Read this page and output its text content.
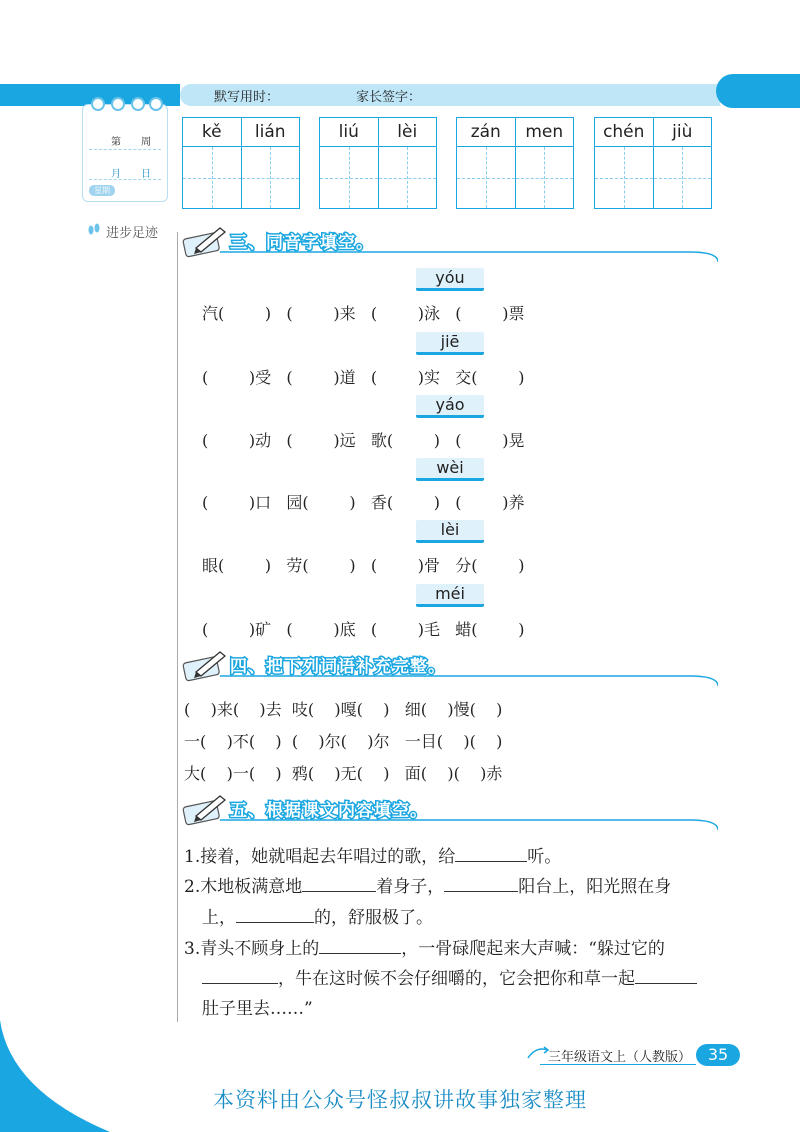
默写用时：	家长签字：
第 周
月 日
星期
进步足迹
kě	lián	liú	lèi	zán	men	chén	jiù
三、同音字填空。
yóu
汽(        )   (        )来   (        )泳   (        )票
jiē
(        )受   (        )道   (        )实   交(        )
yáo
(        )动   (        )远   歌(        )   (        )晃
wèi
(        )口   园(        )   香(        )   (        )养
lèi
眼(        )   劳(        )   (        )骨   分(        )
méi
(        )矿   (        )底   (        )毛   蜡(        )
四、把下列词语补充完整。
(    )来(    )去  吱(    )嘎(    )   细(    )慢(    )
一(    )不(    )  (    )尔(    )尔   一目(    )(    )
大(    )一(    )  鸦(    )无(    )   面(    )(    )赤
五、根据课文内容填空。
1.接着，她就唱起去年唱过的歌，给	听。
2.木地板满意地	着身子，	阳台上，阳光照在身
上，	的，舒服极了。
3.青头不顾身上的	，一骨碌爬起来大声喊：“躲过它的
，牛在这时候不会仔细嚼的，它会把你和草一起
肚子里去……”
三年级语文上（人教版）	35
本资料由公众号怪叔叔讲故事独家整理
